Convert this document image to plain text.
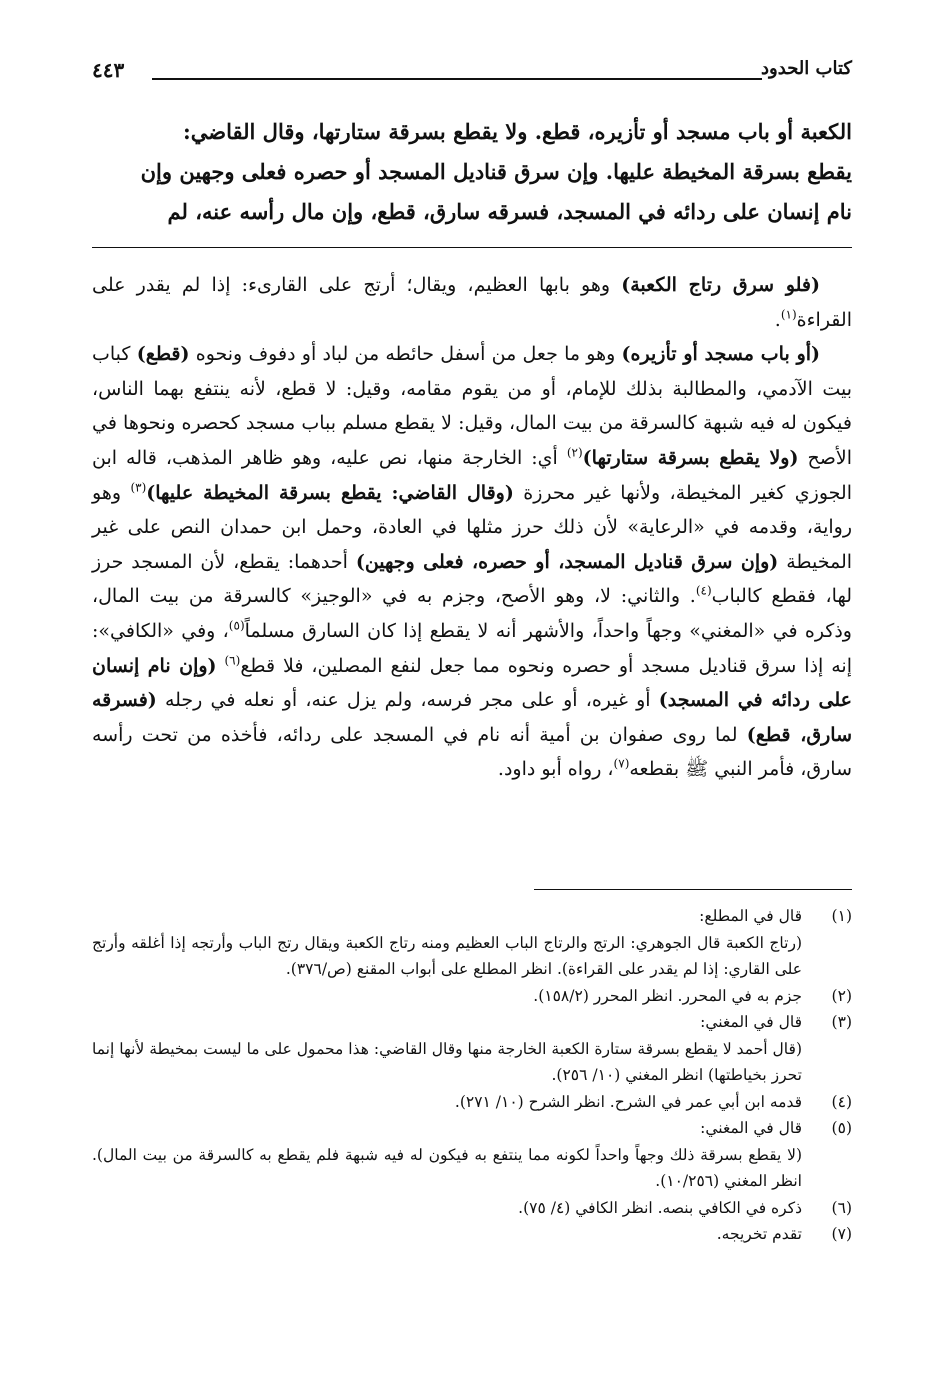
كتاب الحدود
٤٤٣
الكعبة أو باب مسجد أو تأزيره، قطع. ولا يقطع بسرقة ستارتها، وقال القاضي:
يقطع بسرقة المخيطة عليها. وإن سرق قناديل المسجد أو حصره فعلى وجهين وإن
نام إنسان على ردائه في المسجد، فسرقه سارق، قطع، وإن مال رأسه عنه، لم

(فلو سرق رتاج الكعبة) وهو بابها العظيم، ويقال؛ أرتج على القارىء: إذا لم يقدر على القراءة$^{(١)}$.

(أو باب مسجد أو تأزيره) وهو ما جعل من أسفل حائطه من لباد أو دفوف ونحوه (قطع) كباب بيت الآدمي، والمطالبة بذلك للإمام، أو من يقوم مقامه، وقيل: لا قطع، لأنه ينتفع بهما الناس، فيكون له فيه شبهة كالسرقة من بيت المال، وقيل: لا يقطع مسلم بباب مسجد كحصره ونحوها في الأصح (ولا يقطع بسرقة ستارتها)$^{(٢)}$ أي: الخارجة منها، نص عليه، وهو ظاهر المذهب، قاله ابن الجوزي كغير المخيطة، ولأنها غير محرزة (وقال القاضي: يقطع بسرقة المخيطة عليها)$^{(٣)}$ وهو رواية، وقدمه في «الرعاية» لأن ذلك حرز مثلها في العادة، وحمل ابن حمدان النص على غير المخيطة (وإن سرق قناديل المسجد، أو حصره، فعلى وجهين) أحدهما: يقطع، لأن المسجد حرز لها، فقطع كالباب$^{(٤)}$. والثاني: لا، وهو الأصح، وجزم به في «الوجيز» كالسرقة من بيت المال، وذكره في «المغني» وجهاً واحداً، والأشهر أنه لا يقطع إذا كان السارق مسلماً$^{(٥)}$، وفي «الكافي»: إنه إذا سرق قناديل مسجد أو حصره ونحوه مما جعل لنفع المصلين، فلا قطع$^{(٦)}$ (وإن نام إنسان على ردائه في المسجد) أو غيره، أو على مجر فرسه، ولم يزل عنه، أو نعله في رجله (فسرقه سارق، قطع) لما روى صفوان بن أمية أنه نام في المسجد على ردائه، فأخذه من تحت رأسه سارق، فأمر النبي ﷺ بقطعه$^{(٧)}$، رواه أبو داود.

(١)
قال في المطلع:
(رتاج الكعبة قال الجوهري: الرتج والرتاج الباب العظيم ومنه رتاج الكعبة ويقال رتج الباب وأرتجه إذا أغلقه وأرتج على القاري: إذا لم يقدر على القراءة). انظر المطلع على أبواب المقنع (ص/٣٧٦).
(٢)
جزم به في المحرر. انظر المحرر (١٥٨/٢).
(٣)
قال في المغني:
(قال أحمد لا يقطع بسرقة ستارة الكعبة الخارجة منها وقال القاضي: هذا محمول على ما ليست بمخيطة لأنها إنما تحرز بخياطتها) انظر المغني (١٠/ ٢٥٦).
(٤)
قدمه ابن أبي عمر في الشرح. انظر الشرح (١٠/ ٢٧١).
(٥)
قال في المغني:
(لا يقطع بسرقة ذلك وجهاً واحداً لكونه مما ينتفع به فيكون له فيه شبهة فلم يقطع به كالسرقة من بيت المال). انظر المغني (١٠/٢٥٦).
(٦)
ذكره في الكافي بنصه. انظر الكافي (٤/ ٧٥).
(٧)
تقدم تخريجه.
